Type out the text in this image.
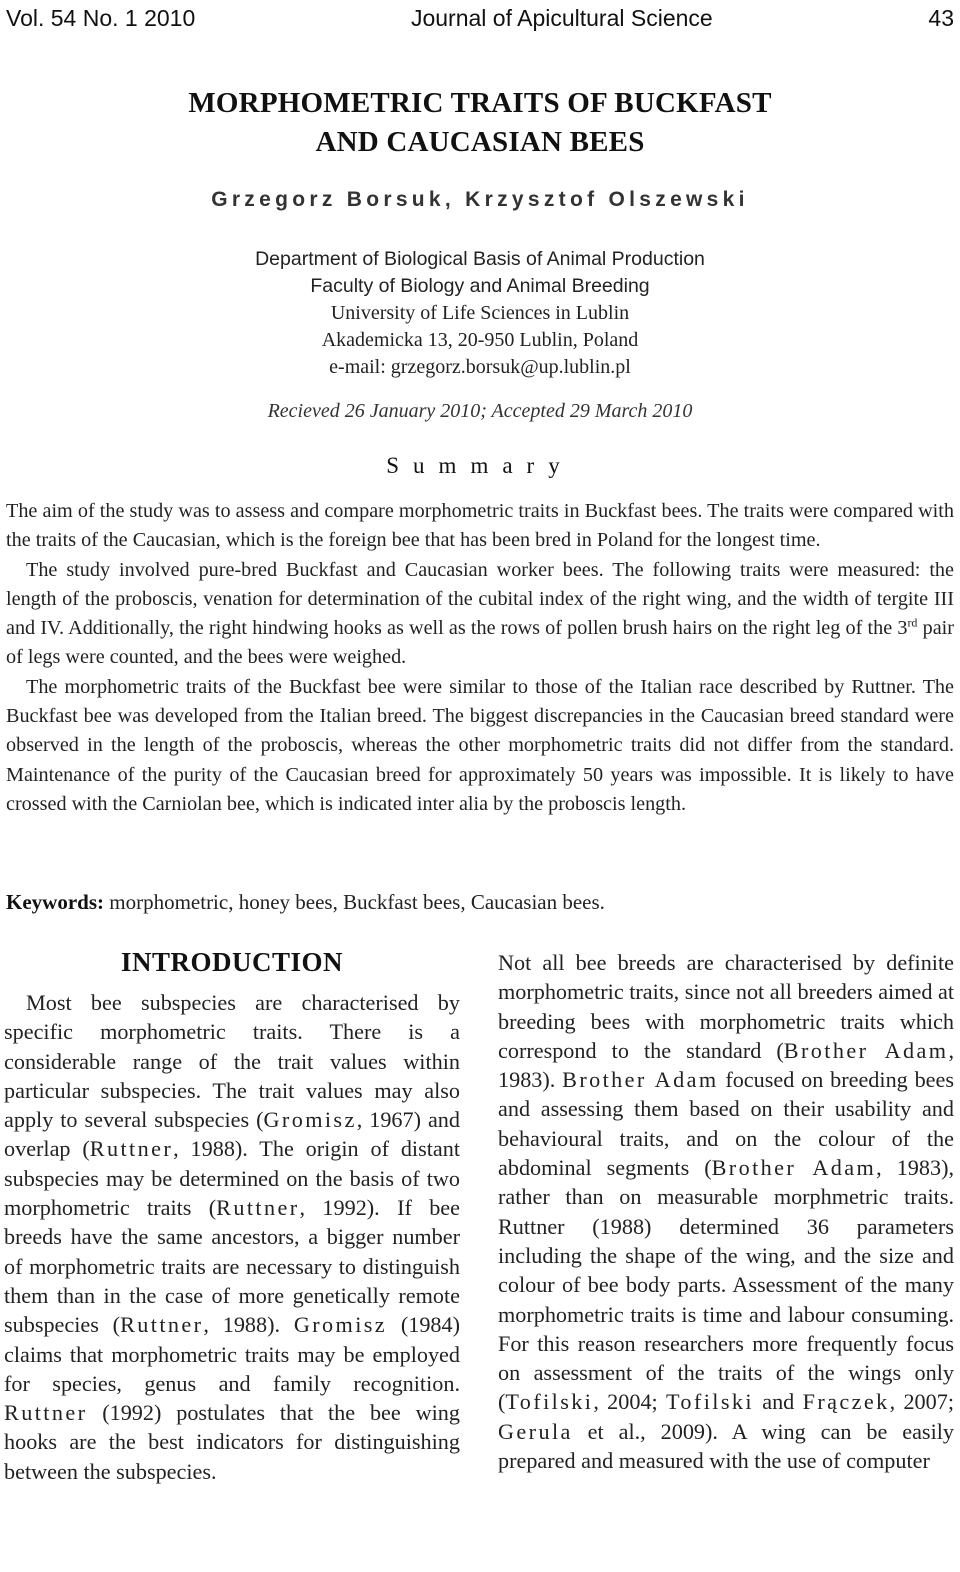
Vol. 54 No. 1 2010	Journal of Apicultural Science	43
MORPHOMETRIC TRAITS OF BUCKFAST
AND CAUCASIAN BEES
Grzegorz Borsuk, Krzysztof Olszewski
Department of Biological Basis of Animal Production
Faculty of Biology and Animal Breeding
University of Life Sciences in Lublin
Akademicka 13, 20-950 Lublin, Poland
e-mail: grzegorz.borsuk@up.lublin.pl
Recieved 26 January 2010; Accepted 29 March 2010
Summary

The aim of the study was to assess and compare morphometric traits in Buckfast bees. The traits were compared with the traits of the Caucasian, which is the foreign bee that has been bred in Poland for the longest time.

The study involved pure-bred Buckfast and Caucasian worker bees. The following traits were measured: the length of the proboscis, venation for determination of the cubital index of the right wing, and the width of tergite III and IV. Additionally, the right hindwing hooks as well as the rows of pollen brush hairs on the right leg of the 3rd pair of legs were counted, and the bees were weighed.

The morphometric traits of the Buckfast bee were similar to those of the Italian race described by Ruttner. The Buckfast bee was developed from the Italian breed. The biggest discrepancies in the Caucasian breed standard were observed in the length of the proboscis, whereas the other morphometric traits did not differ from the standard. Maintenance of the purity of the Caucasian breed for approximately 50 years was impossible. It is likely to have crossed with the Carniolan bee, which is indicated inter alia by the proboscis length.

Keywords: morphometric, honey bees, Buckfast bees, Caucasian bees.
INTRODUCTION

Most bee subspecies are characterised by specific morphometric traits. There is a considerable range of the trait values within particular subspecies. The trait values may also apply to several subspecies (Gromisz, 1967) and overlap (Ruttner, 1988). The origin of distant subspecies may be determined on the basis of two morphometric traits (Ruttner, 1992). If bee breeds have the same ancestors, a bigger number of morphometric traits are necessary to distinguish them than in the case of more genetically remote subspecies (Ruttner, 1988). Gromisz (1984) claims that morphometric traits may be employed for species, genus and family recognition. Ruttner (1992) postulates that the bee wing hooks are the best indicators for distinguishing between the subspecies.

Not all bee breeds are characterised by definite morphometric traits, since not all breeders aimed at breeding bees with morphometric traits which correspond to the standard (Brother Adam, 1983). Brother Adam focused on breeding bees and assessing them based on their usability and behavioural traits, and on the colour of the abdominal segments (Brother Adam, 1983), rather than on measurable morphmetric traits. Ruttner (1988) determined 36 parameters including the shape of the wing, and the size and colour of bee body parts. Assessment of the many morphometric traits is time and labour consuming. For this reason researchers more frequently focus on assessment of the traits of the wings only (Tofilski, 2004; Tofilski and Frączek, 2007; Gerula et al., 2009). A wing can be easily prepared and measured with the use of computer
